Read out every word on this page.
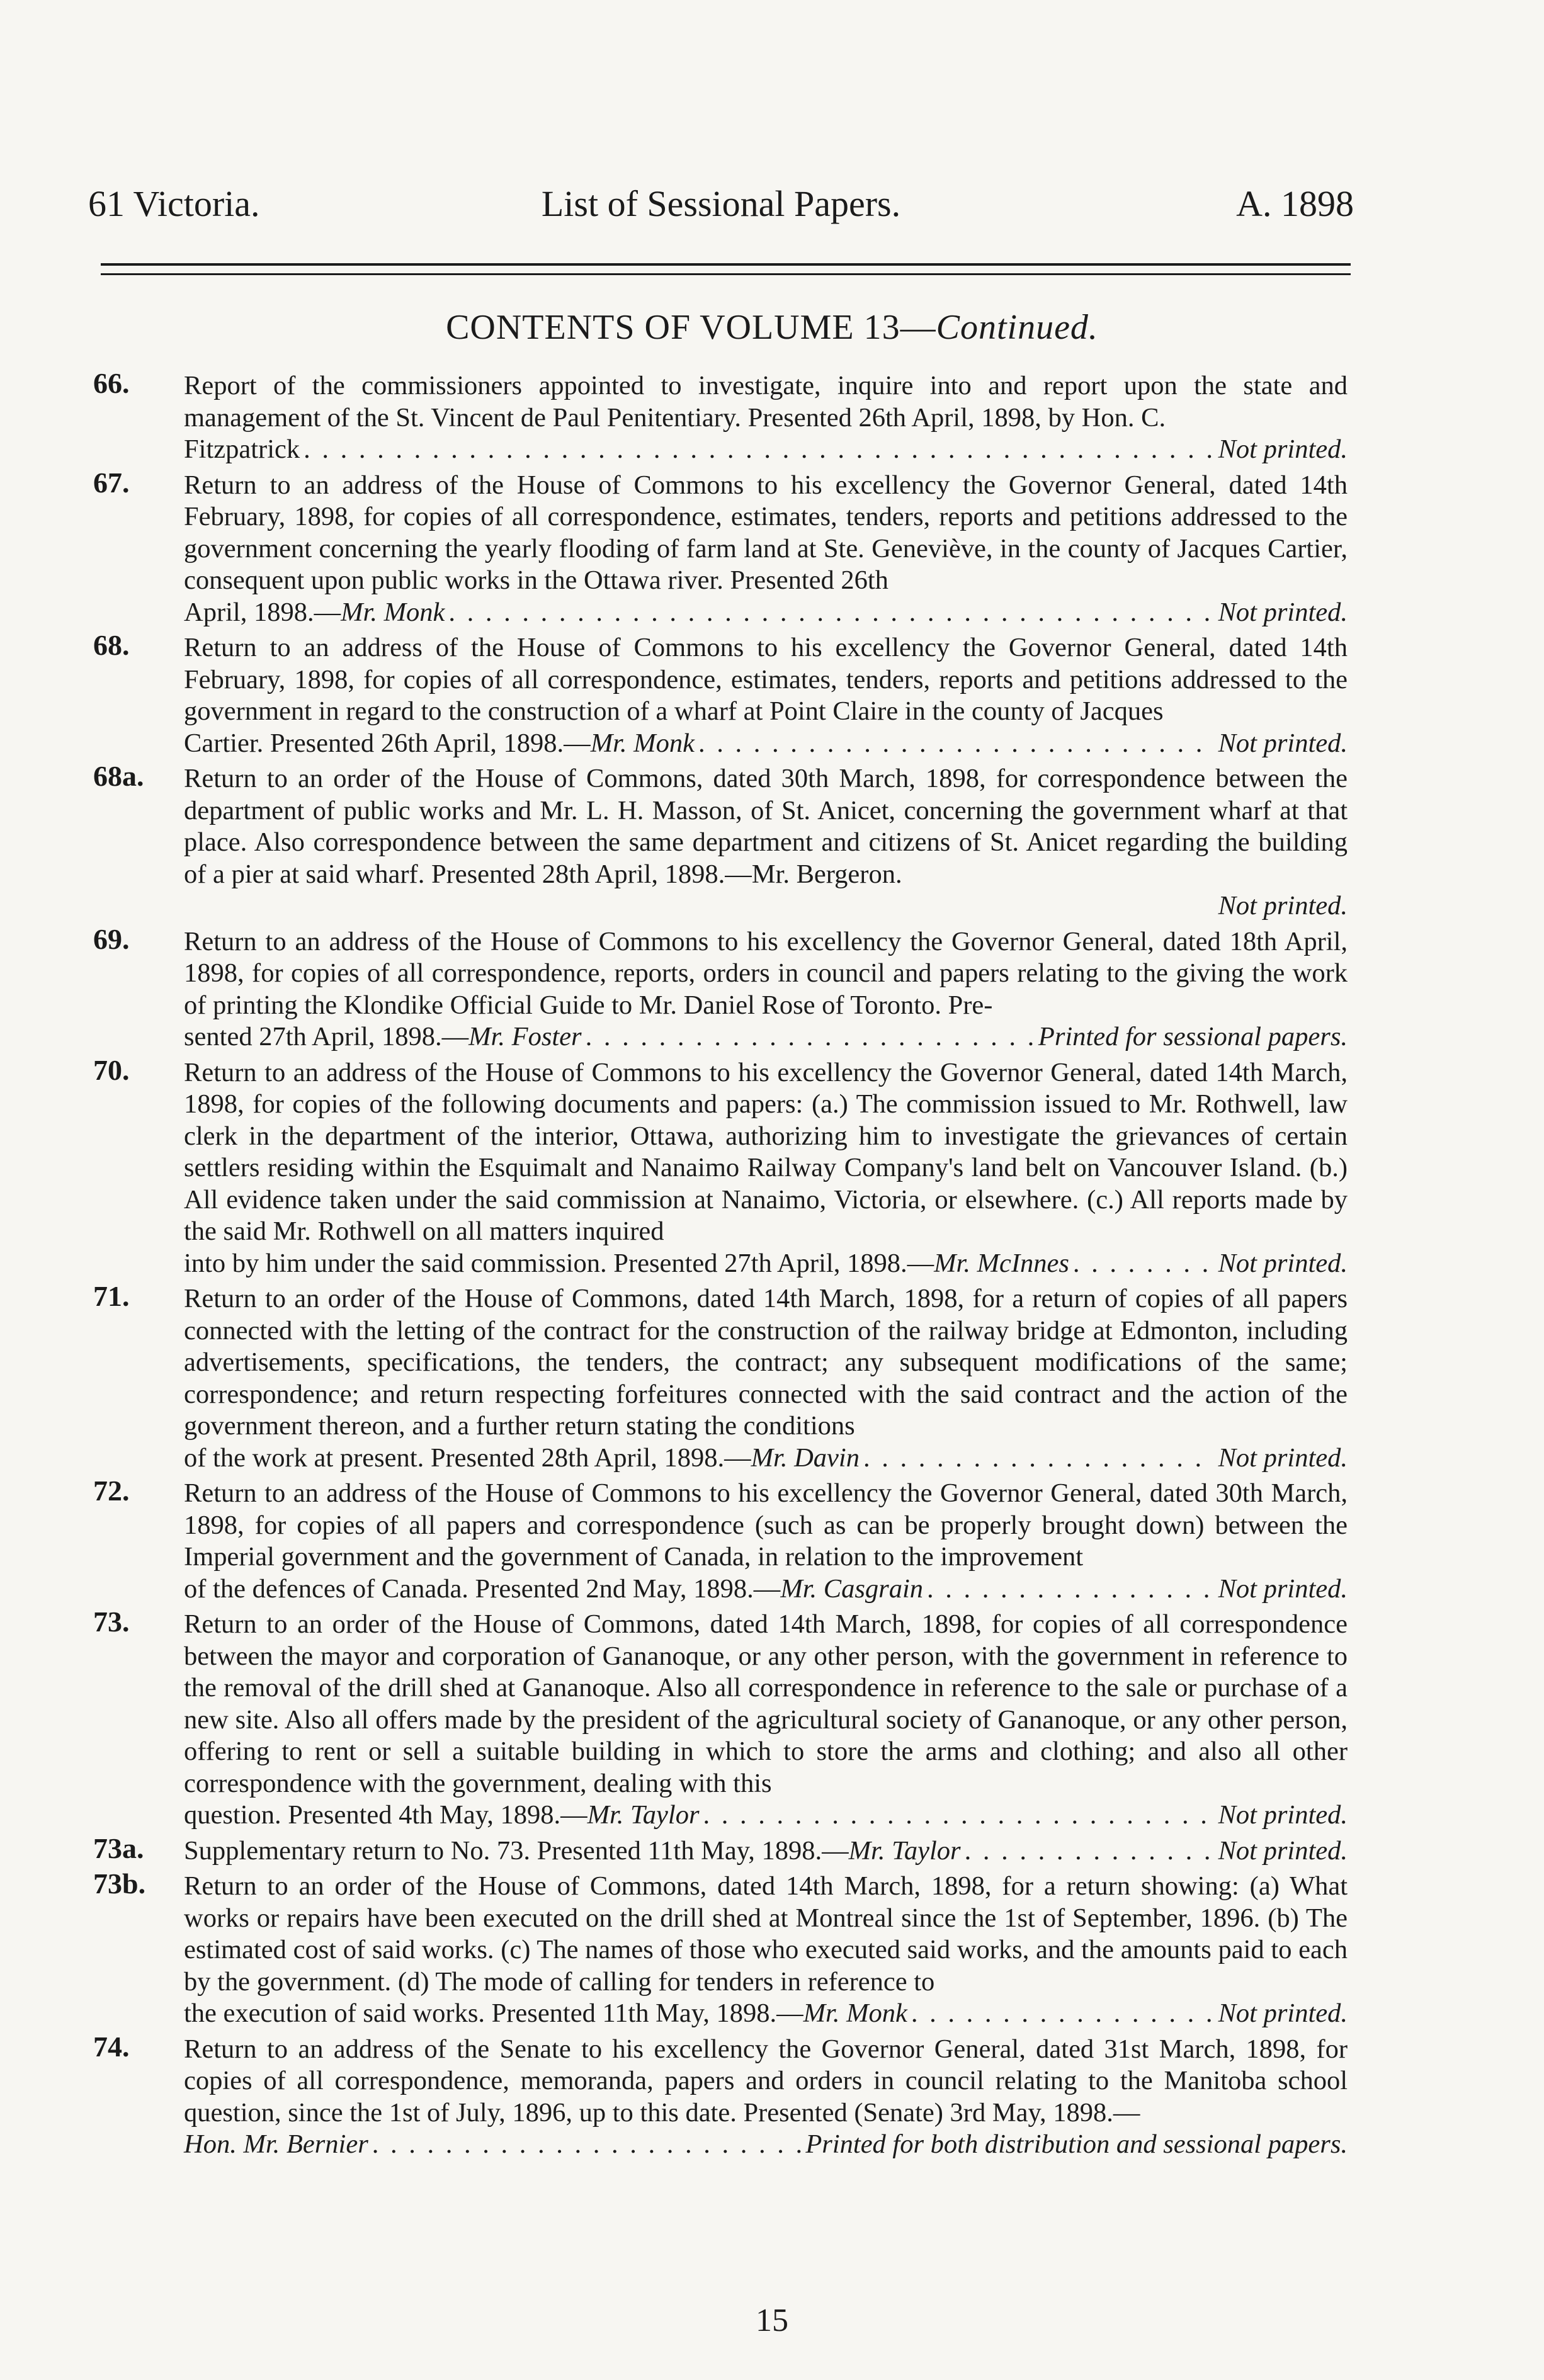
61 Victoria.	List of Sessional Papers.	A. 1898
CONTENTS OF VOLUME 13—Continued.
66. Report of the commissioners appointed to investigate, inquire into and report upon the state and management of the St. Vincent de Paul Penitentiary. Presented 26th April, 1898, by Hon. C.
Fitzpatrick . . .	Not printed.
67. Return to an address of the House of Commons to his excellency the Governor General, dated 14th February, 1898, for copies of all correspondence, estimates, tenders, reports and petitions addressed to the government concerning the yearly flooding of farm land at Ste. Geneviève, in the county of Jacques Cartier, consequent upon public works in the Ottawa river. Presented 26th
April, 1898.—Mr. Monk . . .	Not printed.
68. Return to an address of the House of Commons to his excellency the Governor General, dated 14th February, 1898, for copies of all correspondence, estimates, tenders, reports and petitions addressed to the government in regard to the construction of a wharf at Point Claire in the county of Jacques
Cartier. Presented 26th April, 1898.—Mr. Monk . . .	Not printed.
68a. Return to an order of the House of Commons, dated 30th March, 1898, for correspondence between the department of public works and Mr. L. H. Masson, of St. Anicet, concerning the government wharf at that place. Also correspondence between the same department and citizens of St. Anicet regarding the building of a pier at said wharf. Presented 28th April, 1898.—Mr. Bergeron.
Not printed.
69. Return to an address of the House of Commons to his excellency the Governor General, dated 18th April, 1898, for copies of all correspondence, reports, orders in council and papers relating to the giving the work of printing the Klondike Official Guide to Mr. Daniel Rose of Toronto. Pre-
sented 27th April, 1898.—Mr. Foster . . .	Printed for sessional papers.
70. Return to an address of the House of Commons to his excellency the Governor General, dated 14th March, 1898, for copies of the following documents and papers: (a.) The commission issued to Mr. Rothwell, law clerk in the department of the interior, Ottawa, authorizing him to investigate the grievances of certain settlers residing within the Esquimalt and Nanaimo Railway Company's land belt on Vancouver Island. (b.) All evidence taken under the said commission at Nanaimo, Victoria, or elsewhere. (c.) All reports made by the said Mr. Rothwell on all matters inquired
into by him under the said commission. Presented 27th April, 1898.—Mr. McInnes . . .	Not printed.
71. Return to an order of the House of Commons, dated 14th March, 1898, for a return of copies of all papers connected with the letting of the contract for the construction of the railway bridge at Edmonton, including advertisements, specifications, the tenders, the contract; any subsequent modifications of the same; correspondence; and return respecting forfeitures connected with the said contract and the action of the government thereon, and a further return stating the conditions
of the work at present. Presented 28th April, 1898.—Mr. Davin . . .	Not printed.
72. Return to an address of the House of Commons to his excellency the Governor General, dated 30th March, 1898, for copies of all papers and correspondence (such as can be properly brought down) between the Imperial government and the government of Canada, in relation to the improvement
of the defences of Canada. Presented 2nd May, 1898.—Mr. Casgrain . . .	Not printed.
73. Return to an order of the House of Commons, dated 14th March, 1898, for copies of all correspondence between the mayor and corporation of Gananoque, or any other person, with the government in reference to the removal of the drill shed at Gananoque. Also all correspondence in reference to the sale or purchase of a new site. Also all offers made by the president of the agricultural society of Gananoque, or any other person, offering to rent or sell a suitable building in which to store the arms and clothing; and also all other correspondence with the government, dealing with this
question. Presented 4th May, 1898.—Mr. Taylor . . .	Not printed.
73a. Supplementary return to No. 73. Presented 11th May, 1898.—Mr. Taylor . . .	Not printed.
73b. Return to an order of the House of Commons, dated 14th March, 1898, for a return showing: (a) What works or repairs have been executed on the drill shed at Montreal since the 1st of September, 1896. (b) The estimated cost of said works. (c) The names of those who executed said works, and the amounts paid to each by the government. (d) The mode of calling for tenders in reference to
the execution of said works. Presented 11th May, 1898.—Mr. Monk . . .	Not printed.
74. Return to an address of the Senate to his excellency the Governor General, dated 31st March, 1898, for copies of all correspondence, memoranda, papers and orders in council relating to the Manitoba school question, since the 1st of July, 1896, up to this date. Presented (Senate) 3rd May, 1898.—
Hon. Mr. Bernier . . .	Printed for both distribution and sessional papers.
15
